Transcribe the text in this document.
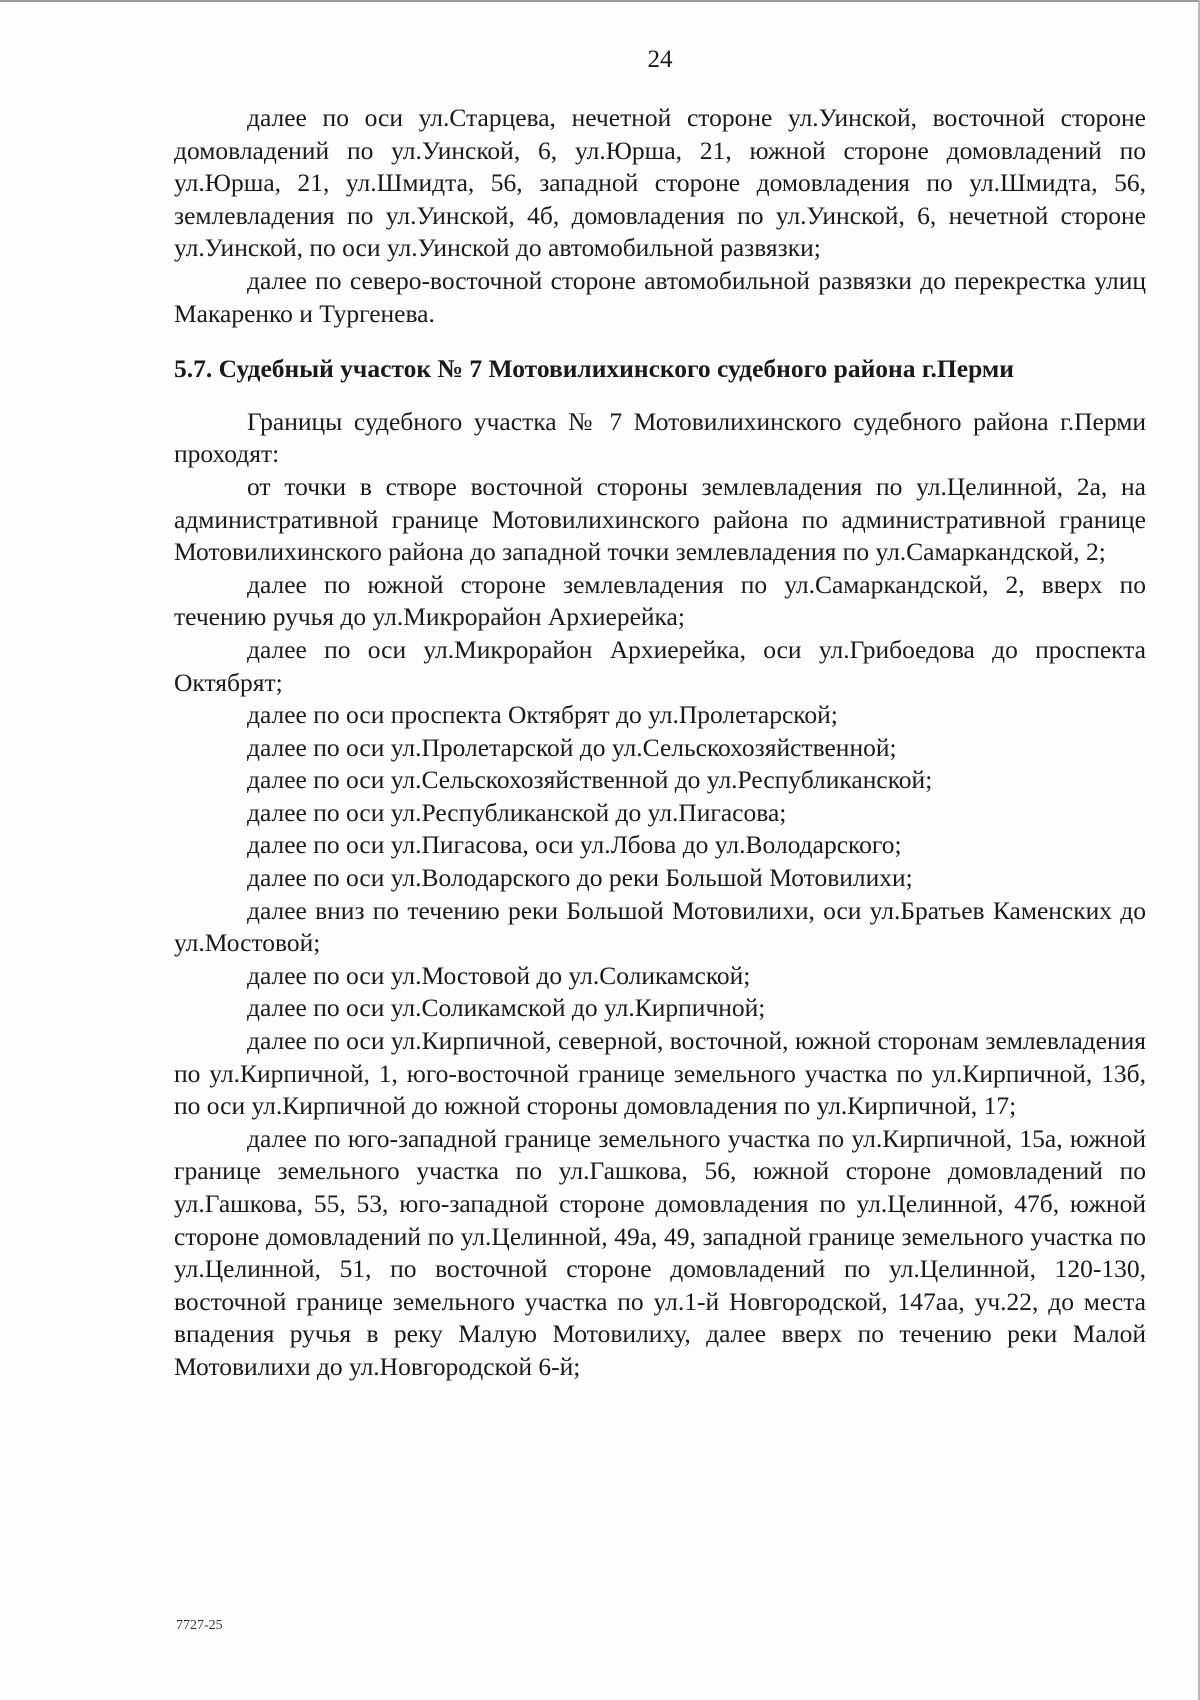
24

далее по оси ул.Старцева, нечетной стороне ул.Уинской, восточной стороне домовладений по ул.Уинской, 6, ул.Юрша, 21, южной стороне домовладений по ул.Юрша, 21, ул.Шмидта, 56, западной стороне домовладения по ул.Шмидта, 56, землевладения по ул.Уинской, 4б, домовладения по ул.Уинской, 6, нечетной стороне ул.Уинской, по оси ул.Уинской до автомобильной развязки;

далее по северо-восточной стороне автомобильной развязки до перекрестка улиц Макаренко и Тургенева.

5.7. Судебный участок № 7 Мотовилихинского судебного района г.Перми

Границы судебного участка № 7 Мотовилихинского судебного района г.Перми проходят:

от точки в створе восточной стороны землевладения по ул.Целинной, 2а, на административной границе Мотовилихинского района по административной границе Мотовилихинского района до западной точки землевладения по ул.Самаркандской, 2;

далее по южной стороне землевладения по ул.Самаркандской, 2, вверх по течению ручья до ул.Микрорайон Архиерейка;

далее по оси ул.Микрорайон Архиерейка, оси ул.Грибоедова до проспекта Октябрят;

далее по оси проспекта Октябрят до ул.Пролетарской;

далее по оси ул.Пролетарской до ул.Сельскохозяйственной;

далее по оси ул.Сельскохозяйственной до ул.Республиканской;

далее по оси ул.Республиканской до ул.Пигасова;

далее по оси ул.Пигасова, оси ул.Лбова до ул.Володарского;

далее по оси ул.Володарского до реки Большой Мотовилихи;

далее вниз по течению реки Большой Мотовилихи, оси ул.Братьев Каменских до ул.Мостовой;

далее по оси ул.Мостовой до ул.Соликамской;

далее по оси ул.Соликамской до ул.Кирпичной;

далее по оси ул.Кирпичной, северной, восточной, южной сторонам землевладения по ул.Кирпичной, 1, юго-восточной границе земельного участка по ул.Кирпичной, 13б, по оси ул.Кирпичной до южной стороны домовладения по ул.Кирпичной, 17;

далее по юго-западной границе земельного участка по ул.Кирпичной, 15а, южной границе земельного участка по ул.Гашкова, 56, южной стороне домовладений по ул.Гашкова, 55, 53, юго-западной стороне домовладения по ул.Целинной, 47б, южной стороне домовладений по ул.Целинной, 49а, 49, западной границе земельного участка по ул.Целинной, 51, по восточной стороне домовладений по ул.Целинной, 120-130, восточной границе земельного участка по ул.1-й Новгородской, 147аа, уч.22, до места впадения ручья в реку Малую Мотовилиху, далее вверх по течению реки Малой Мотовилихи до ул.Новгородской 6-й;

7727-25
